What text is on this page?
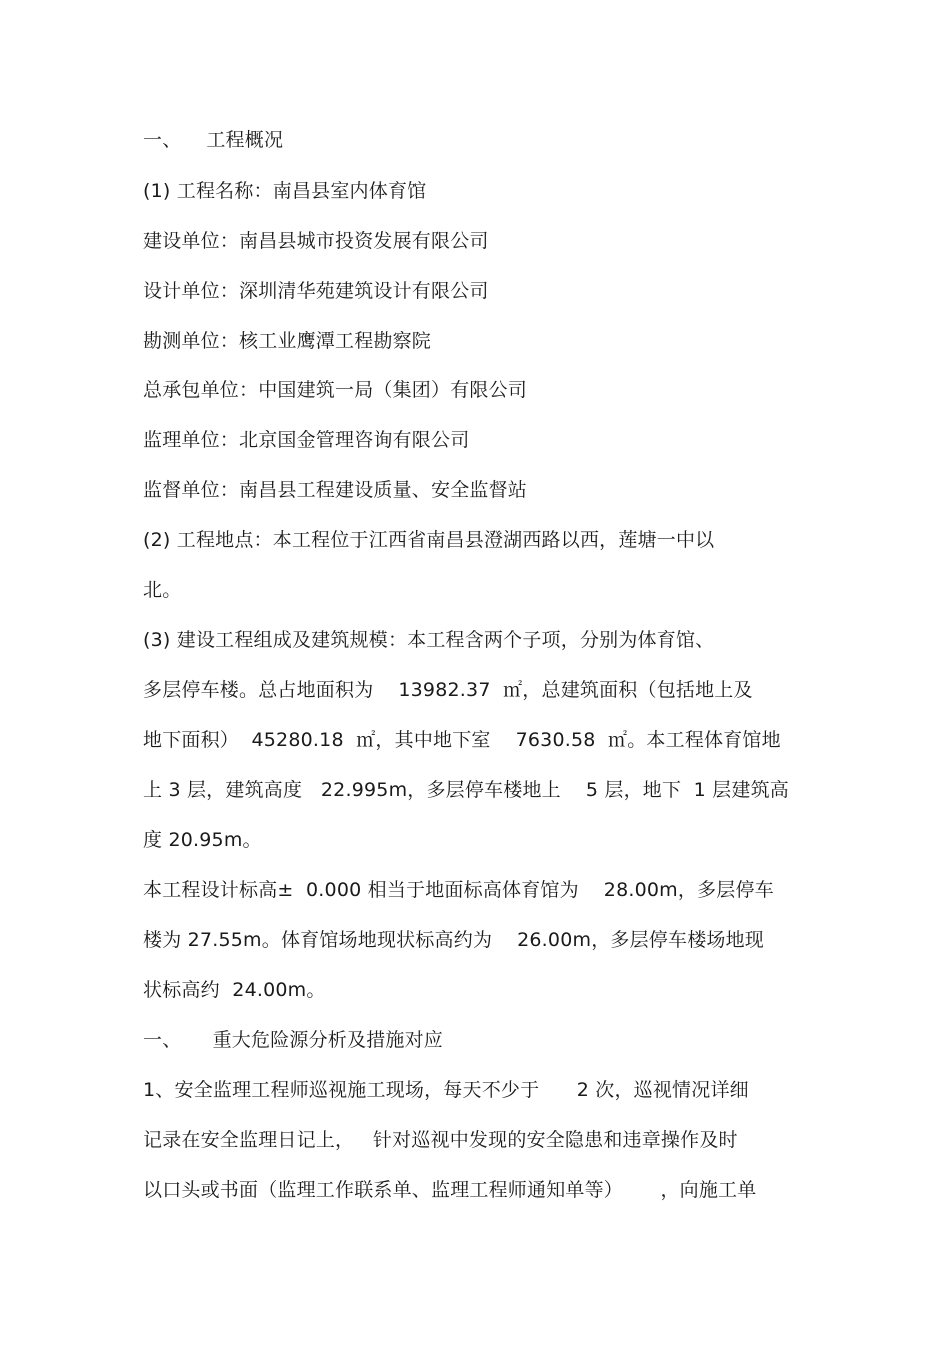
一、    工程概况
(1) 工程名称：南昌县室内体育馆
建设单位：南昌县城市投资发展有限公司
设计单位：深圳清华苑建筑设计有限公司
勘测单位：核工业鹰潭工程勘察院
总承包单位：中国建筑一局（集团）有限公司
监理单位：北京国金管理咨询有限公司
监督单位：南昌县工程建设质量、安全监督站
(2) 工程地点：本工程位于江西省南昌县澄湖西路以西，莲塘一中以
北。
(3) 建设工程组成及建筑规模：本工程含两个子项，分别为体育馆、
多层停车楼。总占地面积为    13982.37  ㎡，总建筑面积（包括地上及
地下面积）  45280.18  ㎡，其中地下室    7630.58  ㎡。本工程体育馆地
上 3 层，建筑高度   22.995m，多层停车楼地上    5 层，地下  1 层建筑高
度 20.95m。
本工程设计标高±  0.000 相当于地面标高体育馆为    28.00m，多层停车
楼为 27.55m。体育馆场地现状标高约为    26.00m，多层停车楼场地现
状标高约  24.00m。
一、     重大危险源分析及措施对应
1、安全监理工程师巡视施工现场，每天不少于      2 次，巡视情况详细
记录在安全监理日记上，   针对巡视中发现的安全隐患和违章操作及时
以口头或书面（监理工作联系单、监理工程师通知单等）      ，向施工单
